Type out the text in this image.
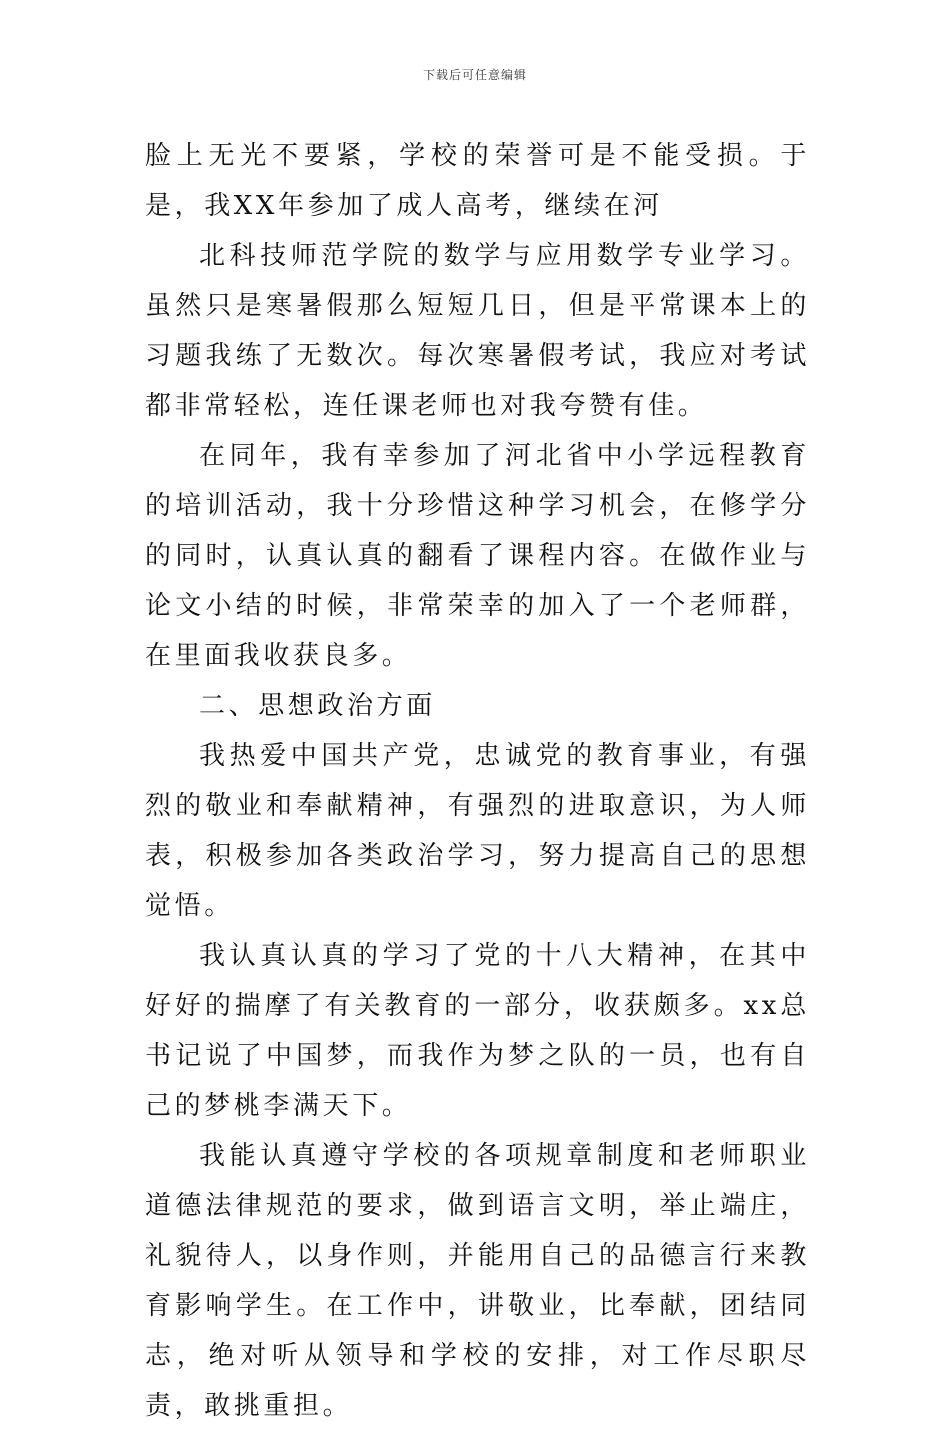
下载后可任意编辑

脸上无光不要紧，学校的荣誉可是不能受损。于是，我XX年参加了成人高考，继续在河

北科技师范学院的数学与应用数学专业学习。虽然只是寒暑假那么短短几日，但是平常课本上的习题我练了无数次。每次寒暑假考试，我应对考试都非常轻松，连任课老师也对我夸赞有佳。

在同年，我有幸参加了河北省中小学远程教育的培训活动，我十分珍惜这种学习机会，在修学分的同时，认真认真的翻看了课程内容。在做作业与论文小结的时候，非常荣幸的加入了一个老师群，在里面我收获良多。

二、思想政治方面

我热爱中国共产党，忠诚党的教育事业，有强烈的敬业和奉献精神，有强烈的进取意识，为人师表，积极参加各类政治学习，努力提高自己的思想觉悟。

我认真认真的学习了党的十八大精神，在其中好好的揣摩了有关教育的一部分，收获颇多。xx总书记说了中国梦，而我作为梦之队的一员，也有自己的梦桃李满天下。

我能认真遵守学校的各项规章制度和老师职业道德法律规范的要求，做到语言文明，举止端庄，礼貌待人，以身作则，并能用自己的品德言行来教育影响学生。在工作中，讲敬业，比奉献，团结同志，绝对听从领导和学校的安排，对工作尽职尽责，敢挑重担。
